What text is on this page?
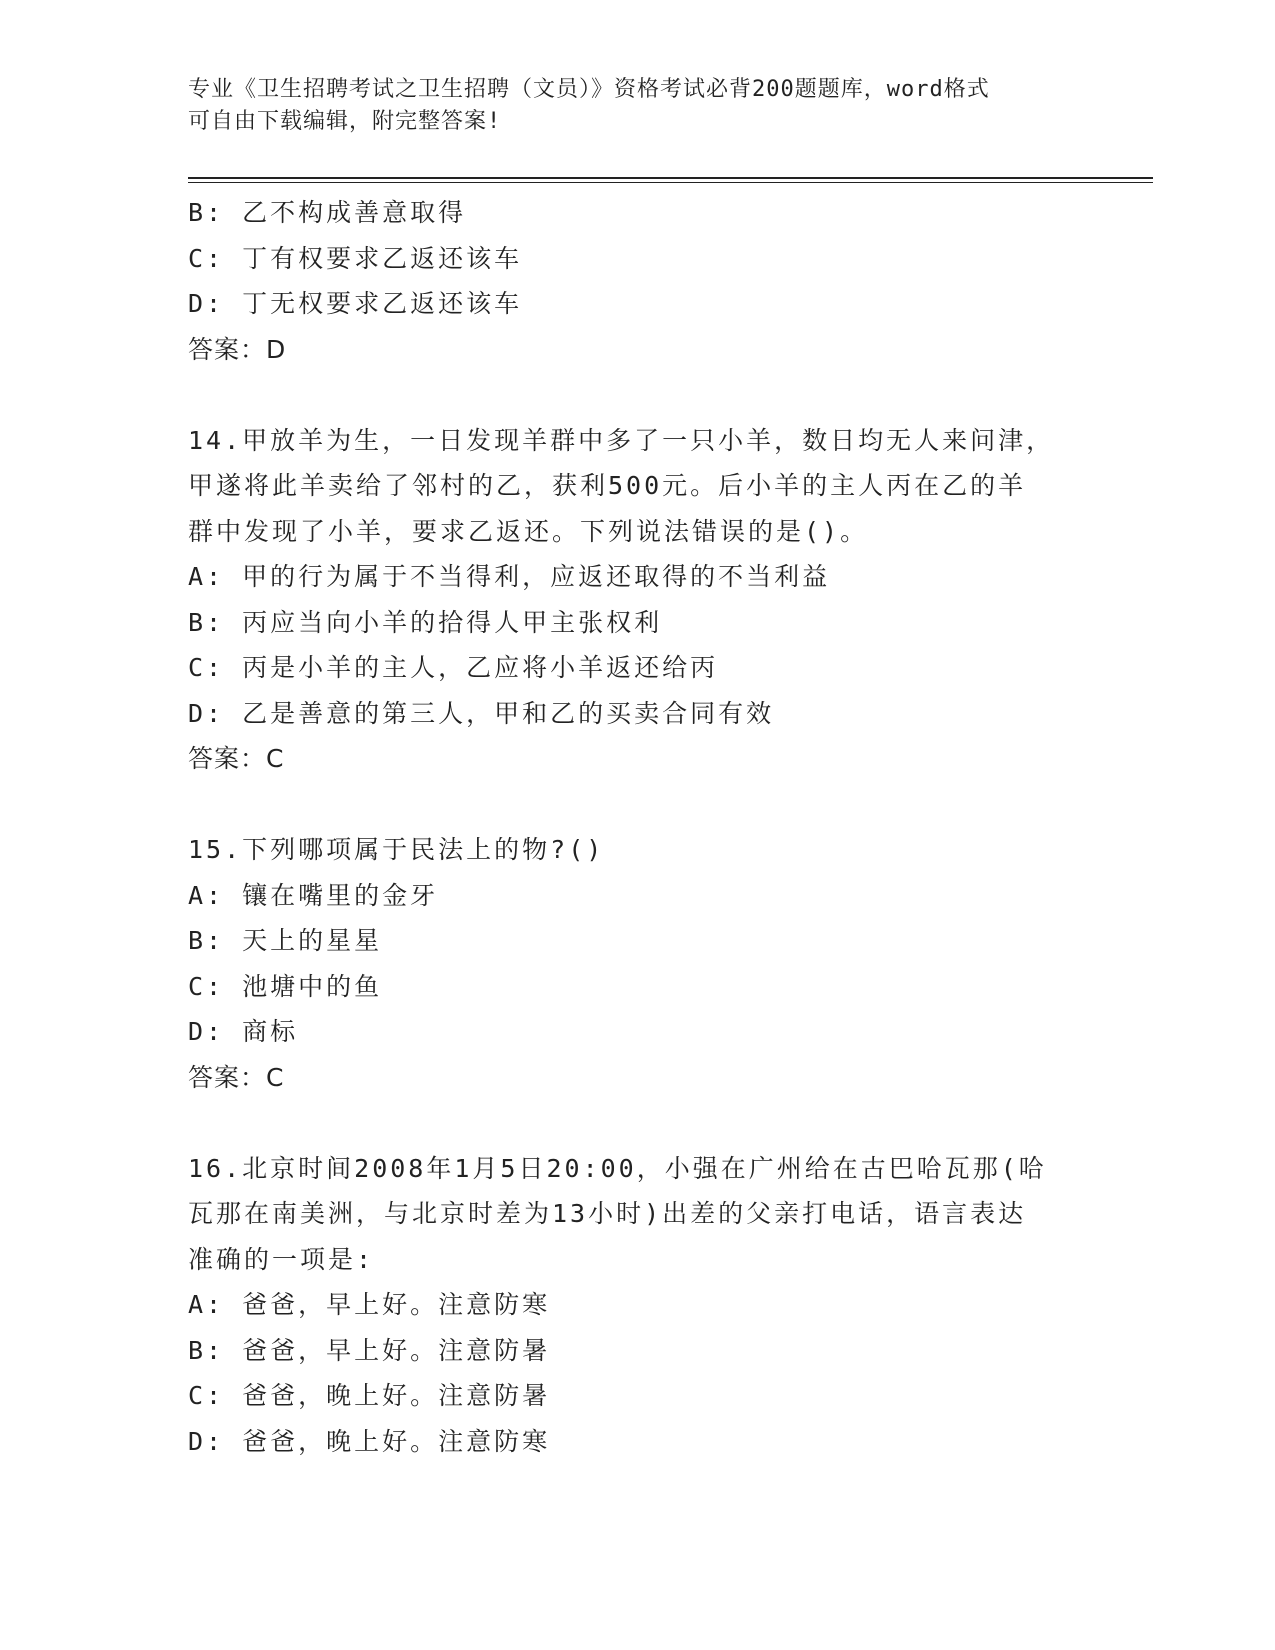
专业《卫生招聘考试之卫生招聘（文员）》资格考试必背200题题库，word格式
可自由下载编辑，附完整答案!
B: 乙不构成善意取得
C: 丁有权要求乙返还该车
D: 丁无权要求乙返还该车
答案：D
14.甲放羊为生，一日发现羊群中多了一只小羊，数日均无人来问津，
甲遂将此羊卖给了邻村的乙，获利500元。后小羊的主人丙在乙的羊
群中发现了小羊，要求乙返还。下列说法错误的是()。
A: 甲的行为属于不当得利，应返还取得的不当利益
B: 丙应当向小羊的拾得人甲主张权利
C: 丙是小羊的主人，乙应将小羊返还给丙
D: 乙是善意的第三人，甲和乙的买卖合同有效
答案：C
15.下列哪项属于民法上的物?()
A: 镶在嘴里的金牙
B: 天上的星星
C: 池塘中的鱼
D: 商标
答案：C
16.北京时间2008年1月5日20:00，小强在广州给在古巴哈瓦那(哈
瓦那在南美洲，与北京时差为13小时)出差的父亲打电话，语言表达
准确的一项是:
A: 爸爸，早上好。注意防寒
B: 爸爸，早上好。注意防暑
C: 爸爸，晚上好。注意防暑
D: 爸爸，晚上好。注意防寒
